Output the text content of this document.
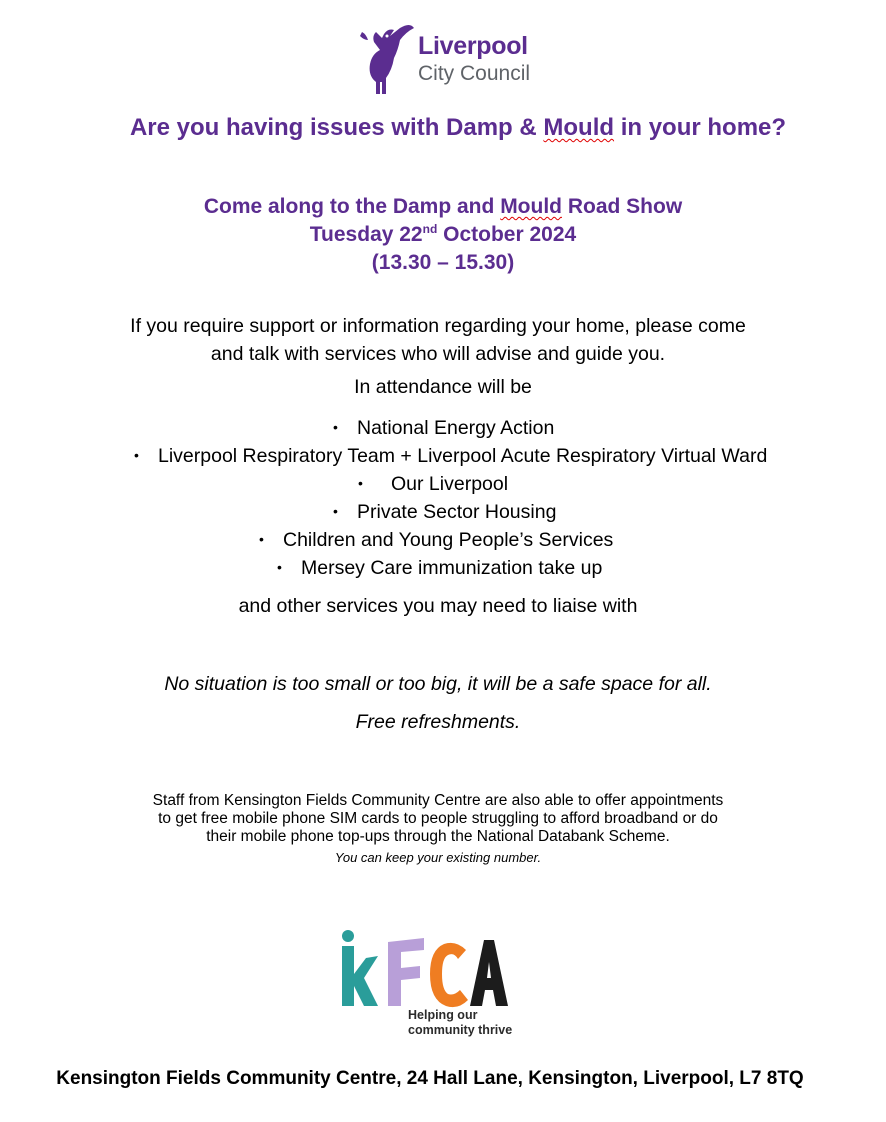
Liverpool
City Council
Are you having issues with Damp & Mould in your home?
Come along to the Damp and Mould Road Show
Tuesday 22nd October 2024
(13.30 – 15.30)
If you require support or information regarding your home, please come
and talk with services who will advise and guide you.
In attendance will be
• National Energy Action
• Liverpool Respiratory Team + Liverpool Acute Respiratory Virtual Ward
• Our Liverpool
• Private Sector Housing
• Children and Young People’s Services
• Mersey Care immunization take up
and other services you may need to liaise with
No situation is too small or too big, it will be a safe space for all.
Free refreshments.
Staff from Kensington Fields Community Centre are also able to offer appointments
to get free mobile phone SIM cards to people struggling to afford broadband or do
their mobile phone top-ups through the National Databank Scheme.
You can keep your existing number.
Helping our
community thrive
Kensington Fields Community Centre, 24 Hall Lane, Kensington, Liverpool, L7 8TQ
